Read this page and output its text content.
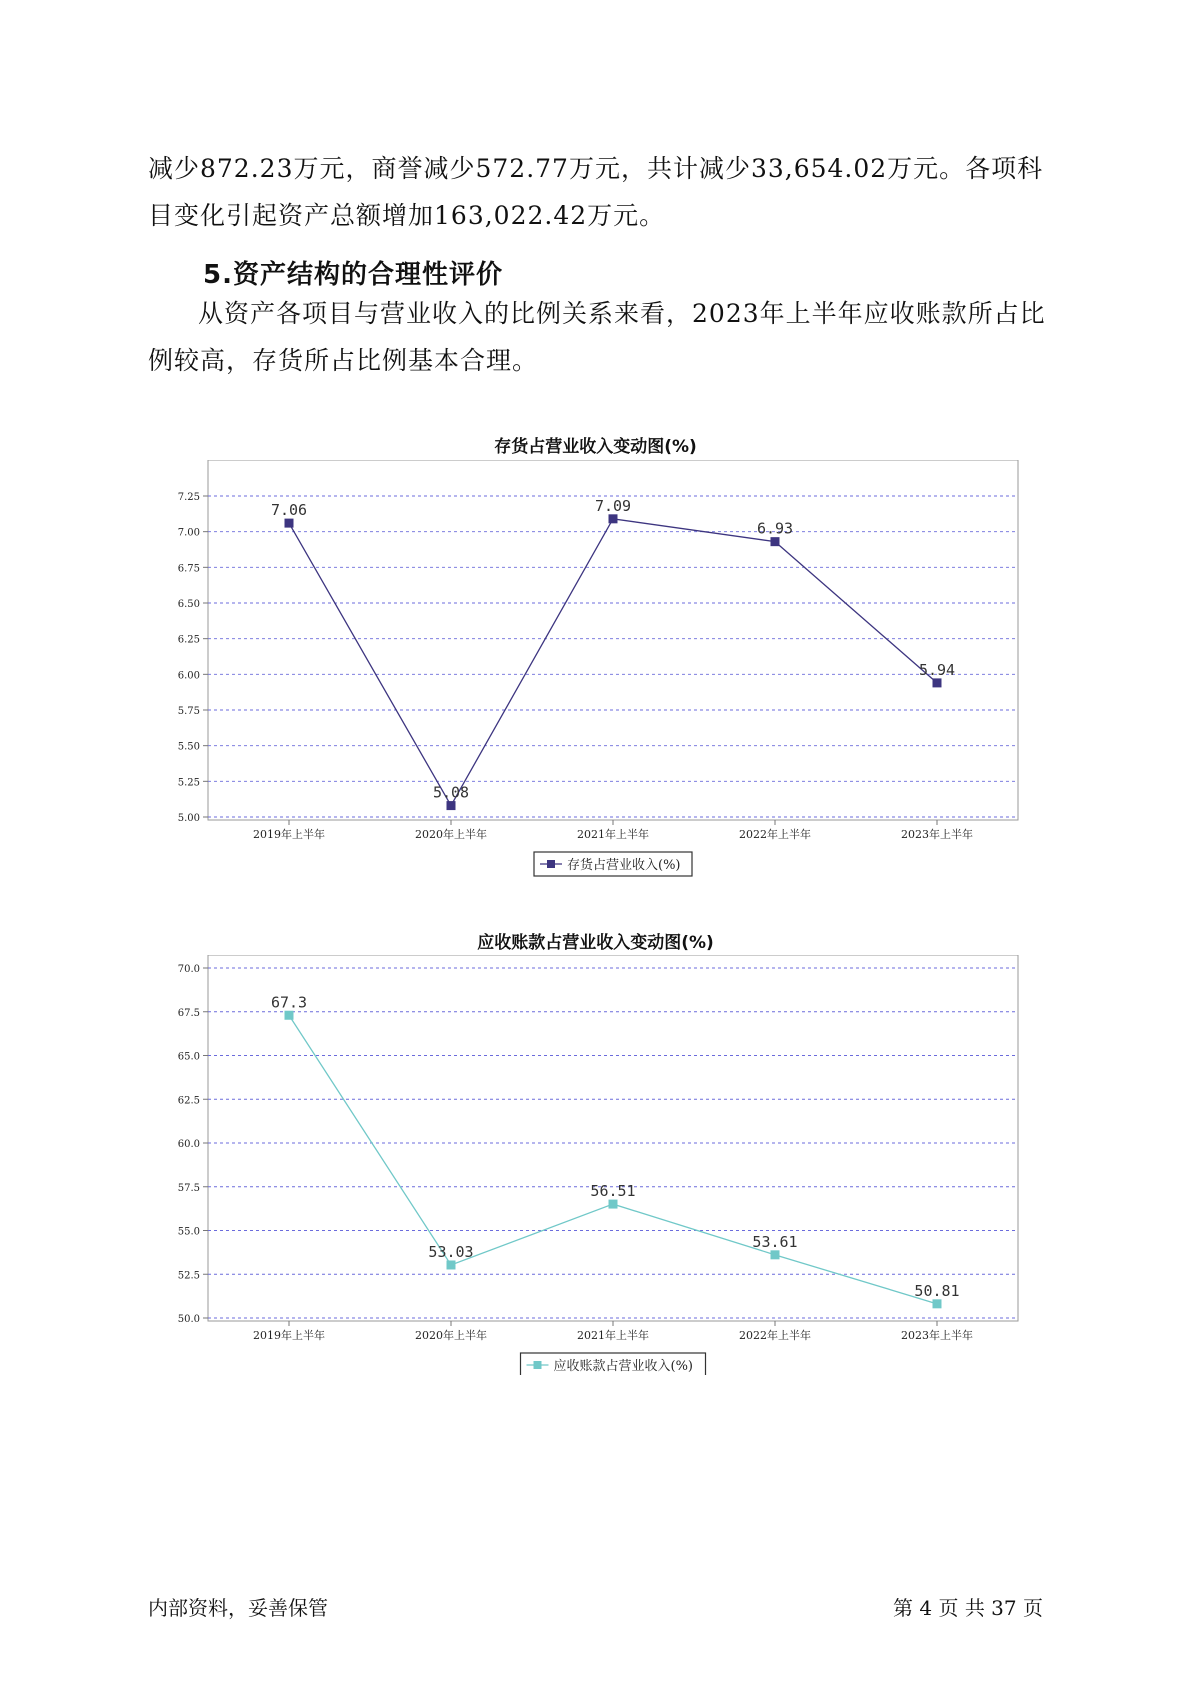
减少872.23万元，商誉减少572.77万元，共计减少33,654.02万元。各项科目变化引起资产总额增加163,022.42万元。

5.资产结构的合理性评价

从资产各项目与营业收入的比例关系来看，2023年上半年应收账款所占比例较高，存货所占比例基本合理。

存货占营业收入变动图(%)
5.00
5.25
5.50
5.75
6.00
6.25
6.50
6.75
7.00
7.25
2019年上半年	2020年上半年	2021年上半年	2022年上半年	2023年上半年
7.06
5.08
7.09
6.93
5.94
存货占营业收入(%)
应收账款占营业收入变动图(%)
50.0
52.5
55.0
57.5
60.0
62.5
65.0
67.5
70.0
2019年上半年	2020年上半年	2021年上半年	2022年上半年	2023年上半年
67.3
53.03
56.51
53.61
50.81
应收账款占营业收入(%)

内部资料，妥善保管	第 4 页 共 37 页
